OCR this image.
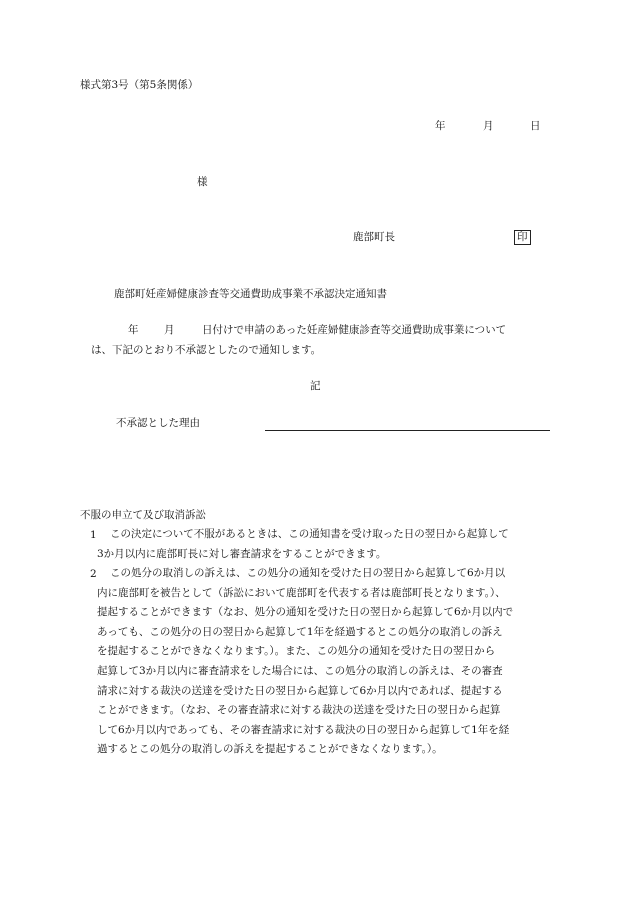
様式第3号（第5条関係）
年	月	日
様
鹿部町長	印
鹿部町妊産婦健康診査等交通費助成事業不承認決定通知書
年 月	日付けで申請のあった妊産婦健康診査等交通費助成事業について
は、下記のとおり不承認としたので通知します。
記
不承認とした理由
不服の申立て及び取消訴訟
1	この決定について不服があるときは、この通知書を受け取った日の翌日から起算して
3か月以内に鹿部町長に対し審査請求をすることができます。
2	この処分の取消しの訴えは、この処分の通知を受けた日の翌日から起算して6か月以
内に鹿部町を被告として（訴訟において鹿部町を代表する者は鹿部町長となります。）、
提起することができます（なお、処分の通知を受けた日の翌日から起算して6か月以内で
あっても、この処分の日の翌日から起算して1年を経過するとこの処分の取消しの訴え
を提起することができなくなります。）。また、この処分の通知を受けた日の翌日から
起算して3か月以内に審査請求をした場合には、この処分の取消しの訴えは、その審査
請求に対する裁決の送達を受けた日の翌日から起算して6か月以内であれば、提起する
ことができます。（なお、その審査請求に対する裁決の送達を受けた日の翌日から起算
して6か月以内であっても、その審査請求に対する裁決の日の翌日から起算して1年を経
過するとこの処分の取消しの訴えを提起することができなくなります。）。
